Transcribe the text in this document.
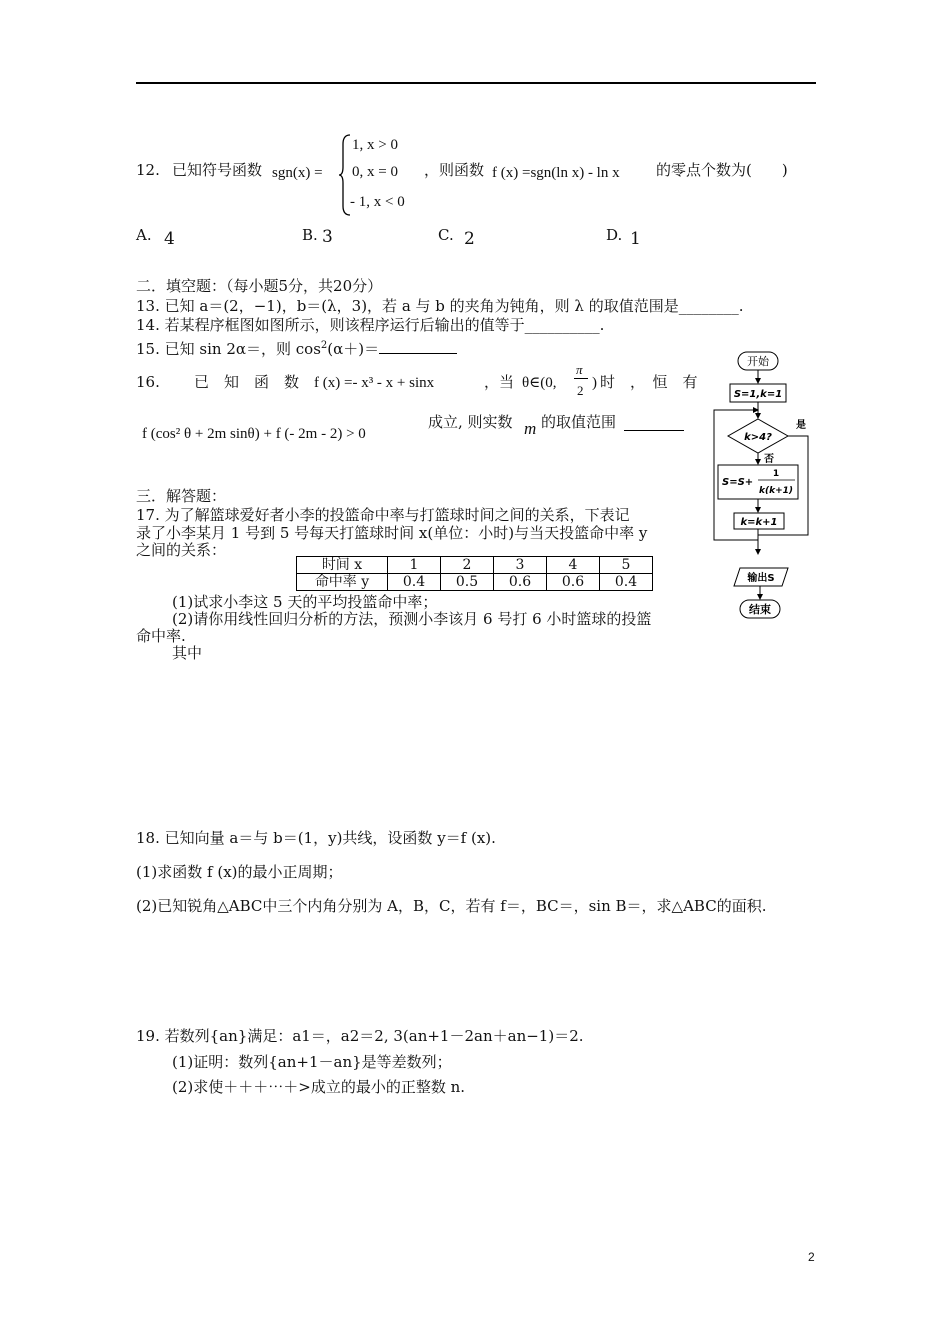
12. 已知符号函数 sgn(x) =
1, x > 0
0, x = 0
- 1, x < 0
，则函数 f (x) =sgn(ln x) - ln x 的零点个数为(　　)
A. 4	B. 3	C. 2	D. 1
二．填空题：（每小题5分，共20分）
13. 已知 a＝(2，−1)，b＝(λ，3)，若 a 与 b 的夹角为钝角，则 λ 的取值范围是________.
14. 若某程序框图如图所示，则该程序运行后输出的值等于__________.
15. 已知 sin 2α＝，则 $\cos^2(\alpha+)=$
16. 已　知　函　数 f (x) =- x³ - x + sinx	，当 θ∈(0,
π
2 ) 时　，　恒　有
f (cos² θ + 2m sinθ) + f (- 2m - 2) > 0
成立, 则实数 m 的取值范围
三．解答题：
17. 为了解篮球爱好者小李的投篮命中率与打篮球时间之间的关系，下表记
录了小李某月 1 号到 5 号每天打篮球时间 x(单位：小时)与当天投篮命中率 y
之间的关系：
时间 x	1	2	3	4	5
命中率 y	0.4	0.5	0.6	0.6	0.4
(1)试求小李这 5 天的平均投篮命中率；
(2)请你用线性回归分析的方法，预测小李该月 6 号打 6 小时篮球的投篮
命中率.
其中
18. 已知向量 a＝与 b＝(1，y)共线，设函数 y＝f (x).
(1)求函数 f (x)的最小正周期；
(2)已知锐角△ABC中三个内角分别为 A，B，C，若有 f＝，BC＝，sin B＝，求△ABC的面积.
19. 若数列{an}满足：a1＝，a2＝2, 3(an+1－2an＋an−1)＝2.
(1)证明：数列{an+1－an}是等差数列；
(2)求使＋＋＋⋯＋>成立的最小的正整数 n.
开始
S=1,k=1
k>4?
是
否
S=S+
1
k(k+1)
k=k+1
输出S
结束
2
